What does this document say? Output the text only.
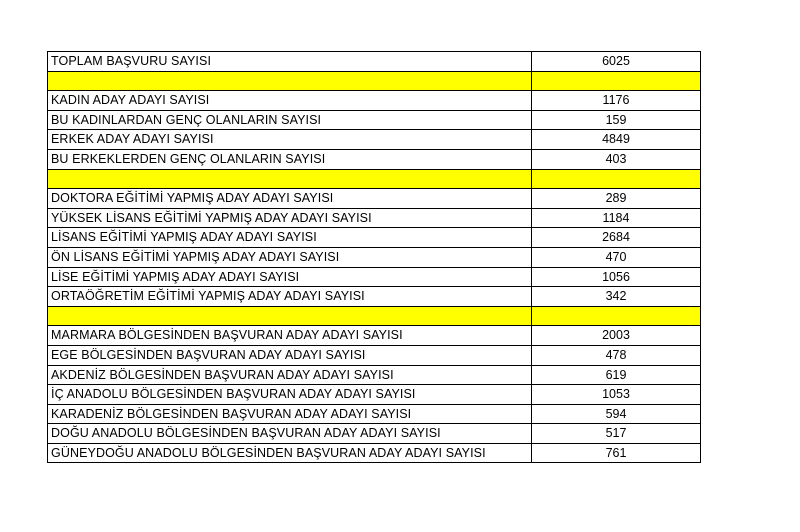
TOPLAM BAŞVURU SAYISI	6025

KADIN ADAY ADAYI SAYISI	1176
BU KADINLARDAN GENÇ OLANLARIN SAYISI	159
ERKEK ADAY ADAYI SAYISI	4849
BU ERKEKLERDEN GENÇ OLANLARIN SAYISI	403

DOKTORA EĞİTİMİ YAPMIŞ ADAY ADAYI SAYISI	289
YÜKSEK LİSANS EĞİTİMİ YAPMIŞ ADAY ADAYI SAYISI	1184
LİSANS EĞİTİMİ YAPMIŞ ADAY ADAYI SAYISI	2684
ÖN LİSANS EĞİTİMİ YAPMIŞ ADAY ADAYI SAYISI	470
LİSE EĞİTİMİ YAPMIŞ ADAY ADAYI SAYISI	1056
ORTAÖĞRETİM EĞİTİMİ YAPMIŞ ADAY ADAYI SAYISI	342

MARMARA BÖLGESİNDEN BAŞVURAN ADAY ADAYI SAYISI	2003
EGE BÖLGESİNDEN BAŞVURAN ADAY ADAYI SAYISI	478
AKDENİZ BÖLGESİNDEN BAŞVURAN ADAY ADAYI SAYISI	619
İÇ ANADOLU BÖLGESİNDEN BAŞVURAN ADAY ADAYI SAYISI	1053
KARADENİZ BÖLGESİNDEN BAŞVURAN ADAY ADAYI SAYISI	594
DOĞU ANADOLU BÖLGESİNDEN BAŞVURAN ADAY ADAYI SAYISI	517
GÜNEYDOĞU ANADOLU BÖLGESİNDEN BAŞVURAN ADAY ADAYI SAYISI	761
